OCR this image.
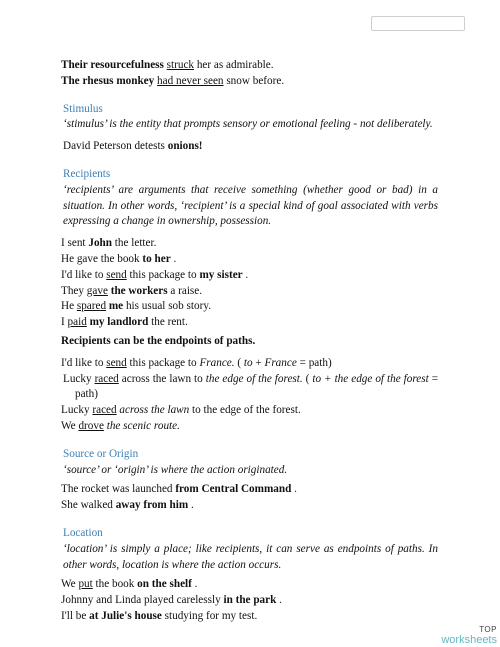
Their resourcefulness struck her as admirable.

The rhesus monkey had never seen snow before.

Stimulus

‘stimulus’ is the entity that prompts sensory or emotional feeling - not deliberately.

David Peterson detests onions!

Recipients

‘recipients’ are arguments that receive something (whether good or bad) in a situation. In other words, ‘recipient’ is a special kind of goal associated with verbs expressing a change in ownership, possession.

I sent John the letter.

He gave the book to her .

I'd like to send this package to my sister .

They gave the workers a raise.

He spared me his usual sob story.

I paid my landlord the rent.

Recipients can be the endpoints of paths.

I'd like to send this package to France. ( to + France = path)

Lucky raced across the lawn to the edge of the forest. ( to + the edge of the forest = path)

Lucky raced across the lawn to the edge of the forest.

We drove the scenic route.

Source or Origin

‘source’ or ‘origin’ is where the action originated.

The rocket was launched from Central Command .

She walked away from him .

Location

‘location’ is simply a place; like recipients, it can serve as endpoints of paths. In other words, location is where the action occurs.

We put the book on the shelf .

Johnny and Linda played carelessly in the park .

I'll be at Julie's house studying for my test.

TOP
worksheets
